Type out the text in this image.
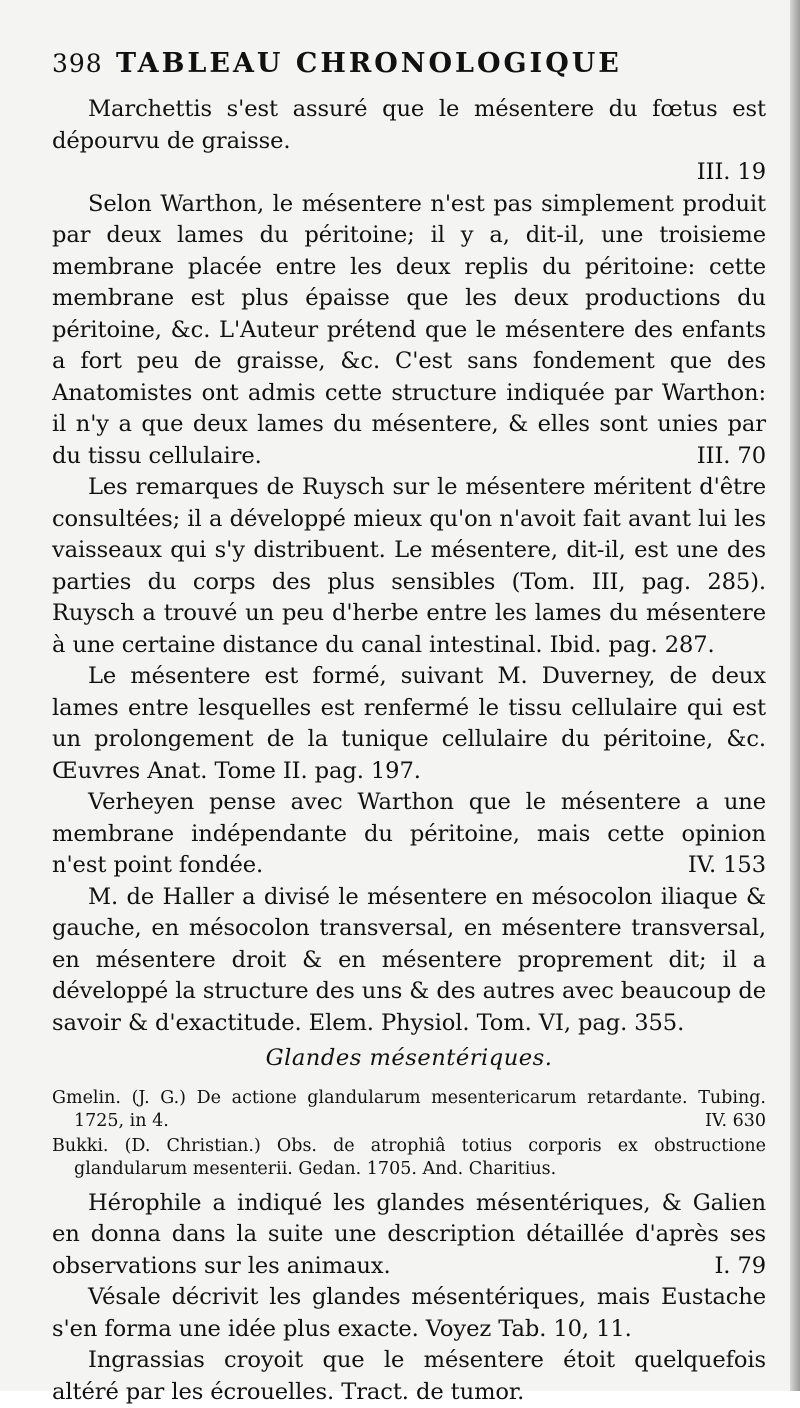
398 TABLEAU CHRONOLOGIQUE

Marchettis s'est assuré que le mésentere du fœtus est dépourvu de graisse.
III. 19

Selon Warthon, le mésentere n'est pas simplement produit par deux lames du péritoine; il y a, dit-il, une troisieme membrane placée entre les deux replis du péritoine: cette membrane est plus épaisse que les deux productions du péritoine, &c. L'Auteur prétend que le mésentere des enfants a fort peu de graisse, &c. C'est sans fondement que des Anatomistes ont admis cette structure indiquée par Warthon: il n'y a que deux lames du mésentere, & elles sont unies par du tissu cellulaire.	III. 70

Les remarques de Ruysch sur le mésentere méritent d'être consultées; il a développé mieux qu'on n'avoit fait avant lui les vaisseaux qui s'y distribuent. Le mésentere, dit-il, est une des parties du corps des plus sensibles (Tom. III, pag. 285). Ruysch a trouvé un peu d'herbe entre les lames du mésentere à une certaine distance du canal intestinal. Ibid. pag. 287.

Le mésentere est formé, suivant M. Duverney, de deux lames entre lesquelles est renfermé le tissu cellulaire qui est un prolongement de la tunique cellulaire du péritoine, &c. Œuvres Anat. Tome II. pag. 197.

Verheyen pense avec Warthon que le mésentere a une membrane indépendante du péritoine, mais cette opinion n'est point fondée.	IV. 153

M. de Haller a divisé le mésentere en mésocolon iliaque & gauche, en mésocolon transversal, en mésentere transversal, en mésentere droit & en mésentere proprement dit; il a développé la structure des uns & des autres avec beaucoup de savoir & d'exactitude. Elem. Physiol. Tom. VI, pag. 355.

Glandes mésentériques.

Gmelin. (J. G.) De actione glandularum mesentericarum retardante. Tubing. 1725, in 4.	IV. 630

Bukki. (D. Christian.) Obs. de atrophiâ totius corporis ex obstructione glandularum mesenterii. Gedan. 1705. And. Charitius.

Hérophile a indiqué les glandes mésentériques, & Galien en donna dans la suite une description détaillée d'après ses observations sur les animaux.	I. 79

Vésale décrivit les glandes mésentériques, mais Eustache s'en forma une idée plus exacte. Voyez Tab. 10, 11.

Ingrassias croyoit que le mésentere étoit quelquefois altéré par les écrouelles. Tract. de tumor.
